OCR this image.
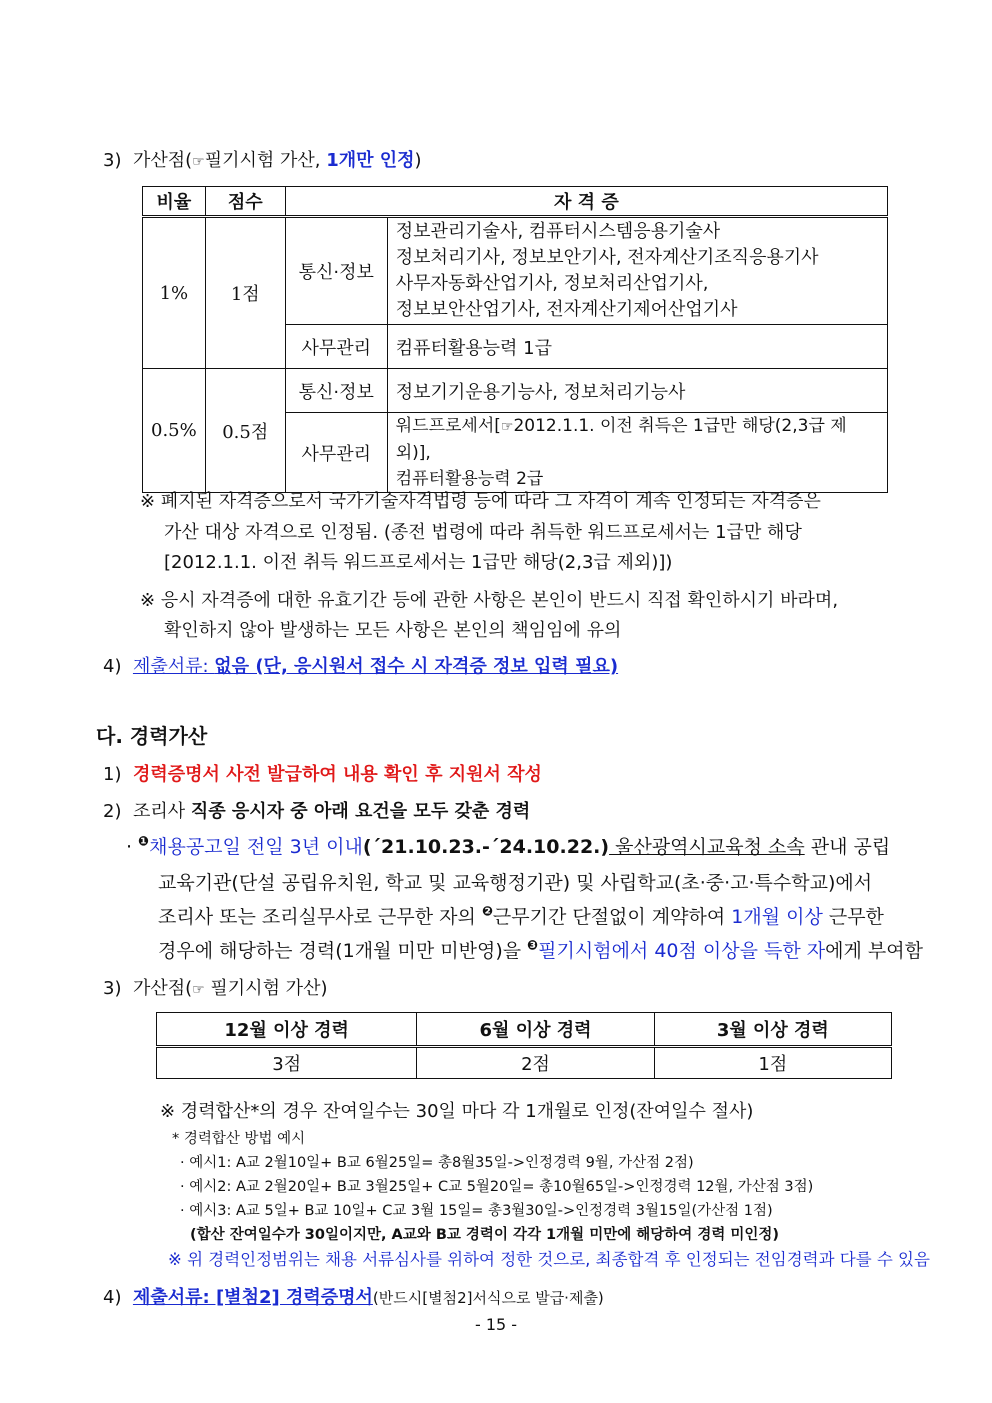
3) 가산점(☞필기시험 가산, 1개만 인정)
비율	점수	자 격 증	
1%	1점	통신·정보	정보관리기술사, 컴퓨터시스템응용기술사
정보처리기사, 정보보안기사, 전자계산기조직응용기사
사무자동화산업기사, 정보처리산업기사,
정보보안산업기사, 전자계산기제어산업기사

		사무관리	컴퓨터활용능력 1급
0.5%	0.5점	통신·정보	정보기기운용기능사, 정보처리기능사
		사무관리	워드프로세서[☞2012.1.1. 이전 취득은 1급만 해당(2,3급 제외)],
컴퓨터활용능력 2급
※ 폐지된 자격증으로서 국가기술자격법령 등에 따라 그 자격이 계속 인정되는 자격증은
가산 대상 자격으로 인정됨. (종전 법령에 따라 취득한 워드프로세서는 1급만 해당
[2012.1.1. 이전 취득 워드프로세서는 1급만 해당(2,3급 제외)])
※ 응시 자격증에 대한 유효기간 등에 관한 사항은 본인이 반드시 직접 확인하시기 바라며,
확인하지 않아 발생하는 모든 사항은 본인의 책임임에 유의
4) 제출서류: 없음 (단, 응시원서 접수 시 자격증 정보 입력 필요)
다. 경력가산
1) 경력증명서 사전 발급하여 내용 확인 후 지원서 작성
2) 조리사 직종 응시자 중 아래 요건을 모두 갖춘 경력
· $^❶$채용공고일 전일 3년 이내(´21.10.23.-´24.10.22.) 울산광역시교육청 소속 관내 공립
교육기관(단설 공립유치원, 학교 및 교육행정기관) 및 사립학교(초·중·고·특수학교)에서
조리사 또는 조리실무사로 근무한 자의 $^❷$근무기간 단절없이 계약하여 1개월 이상 근무한
경우에 해당하는 경력(1개월 미만 미반영)을 $^❸$필기시험에서 40점 이상을 득한 자에게 부여함
3) 가산점(☞ 필기시험 가산)
12월 이상 경력	6월 이상 경력	3월 이상 경력
3점	2점	1점
※ 경력합산*의 경우 잔여일수는 30일 마다 각 1개월로 인정(잔여일수 절사)
* 경력합산 방법 예시
· 예시1: A교 2월10일+ B교 6월25일= 총8월35일->인정경력 9월, 가산점 2점)
· 예시2: A교 2월20일+ B교 3월25일+ C교 5월20일= 총10월65일->인정경력 12월, 가산점 3점)
· 예시3: A교 5일+ B교 10일+ C교 3월 15일= 총3월30일->인정경력 3월15일(가산점 1점)
(합산 잔여일수가 30일이지만, A교와 B교 경력이 각각 1개월 미만에 해당하여 경력 미인정)
※ 위 경력인정범위는 채용 서류심사를 위하여 정한 것으로, 최종합격 후 인정되는 전임경력과 다를 수 있음
4) 제출서류: [별첨2] 경력증명서(반드시[별첨2]서식으로 발급·제출)
- 15 -
